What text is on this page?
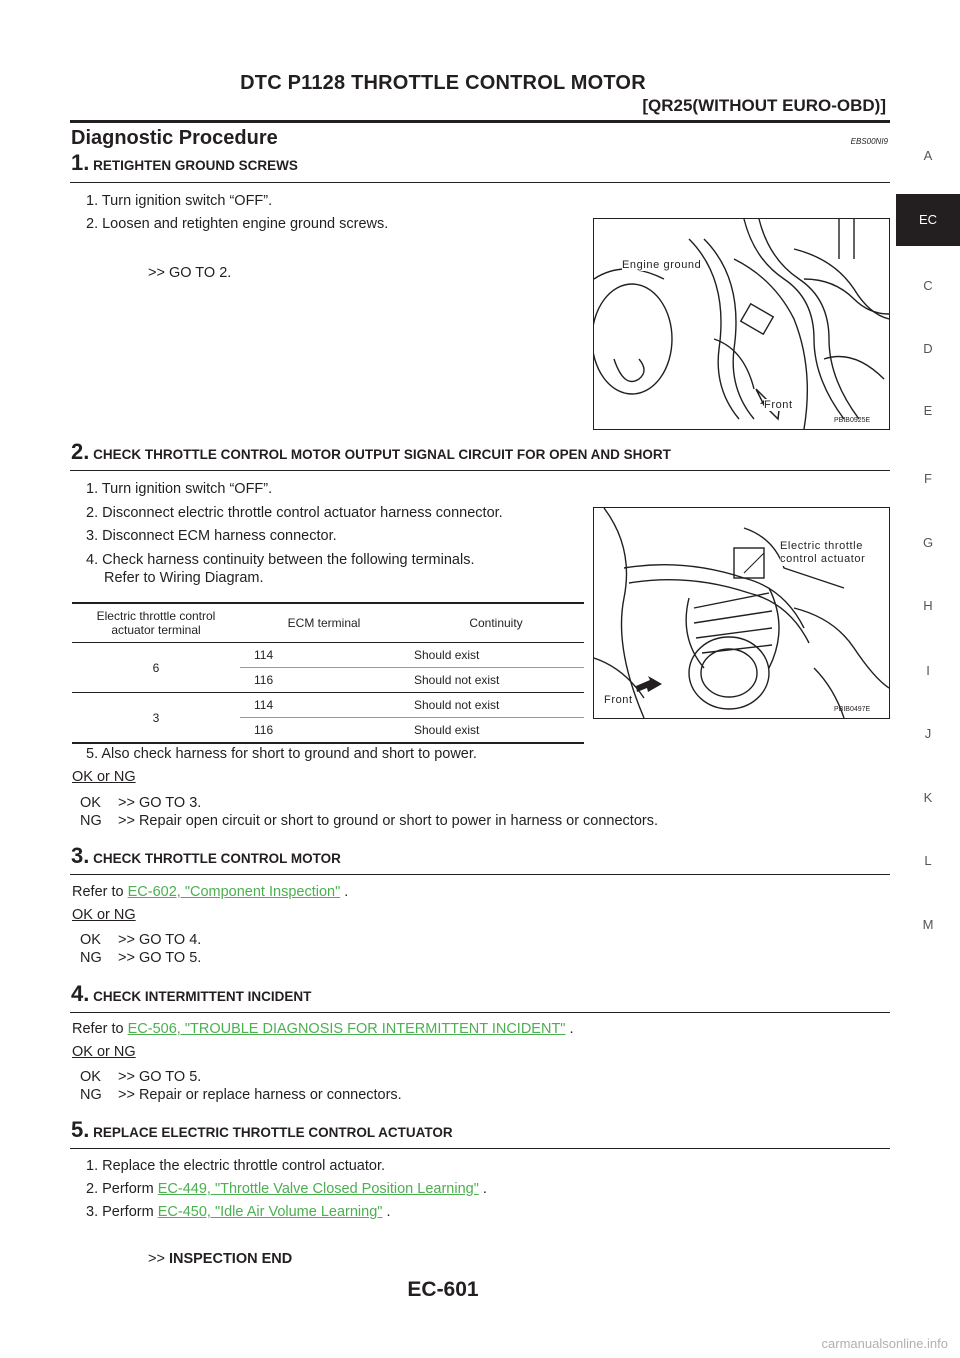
DTC P1128 THROTTLE CONTROL MOTOR
[QR25(WITHOUT EURO-OBD)]
Diagnostic Procedure	EBS00NI9
A
EC
C
D
E
F
G
H
I
J
K
L
M
1. RETIGHTEN GROUND SCREWS
1. Turn ignition switch “OFF”.
2. Loosen and retighten engine ground screws.
>> GO TO 2.	Engine ground
Front
PBIB0925E
2. CHECK THROTTLE CONTROL MOTOR OUTPUT SIGNAL CIRCUIT FOR OPEN AND SHORT
1. Turn ignition switch “OFF”.
2. Disconnect electric throttle control actuator harness connector.
3. Disconnect ECM harness connector.
4. Check harness continuity between the following terminals.
Refer to Wiring Diagram.
Electric throttle control actuator terminal	ECM terminal	Continuity
6	114	Should exist
	116	Should not exist
3	114	Should not exist
	116	Should exist
Electric throttle control actuator
Front
PBIB0497E
5. Also check harness for short to ground and short to power.
OK or NG
OK >> GO TO 3.
NG >> Repair open circuit or short to ground or short to power in harness or connectors.
3. CHECK THROTTLE CONTROL MOTOR
Refer to EC-602, "Component Inspection" .
OK or NG
OK >> GO TO 4.
NG >> GO TO 5.
4. CHECK INTERMITTENT INCIDENT
Refer to EC-506, "TROUBLE DIAGNOSIS FOR INTERMITTENT INCIDENT" .
OK or NG
OK >> GO TO 5.
NG >> Repair or replace harness or connectors.
5. REPLACE ELECTRIC THROTTLE CONTROL ACTUATOR
1. Replace the electric throttle control actuator.
2. Perform EC-449, "Throttle Valve Closed Position Learning" .
3. Perform EC-450, "Idle Air Volume Learning" .
>> INSPECTION END
EC-601
carmanualsonline.info
